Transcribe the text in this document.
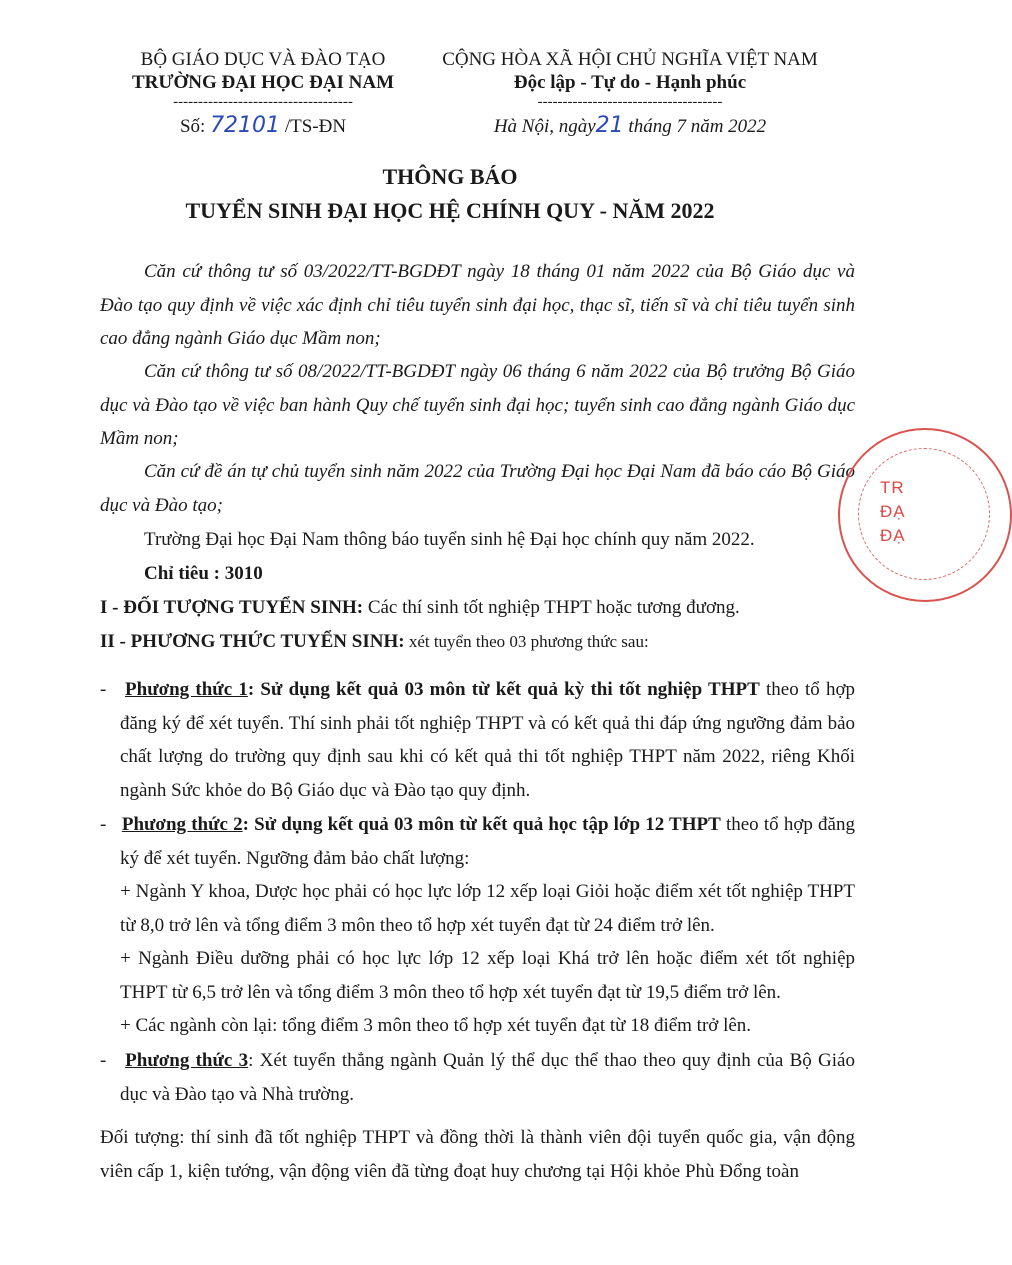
BỘ GIÁO DỤC VÀ ĐÀO TẠO
TRƯỜNG ĐẠI HỌC ĐẠI NAM
------------------------------------
Số: 72101 /TS-ĐN
CỘNG HÒA XÃ HỘI CHỦ NGHĨA VIỆT NAM
Độc lập - Tự do - Hạnh phúc
-------------------------------------
Hà Nội, ngày21 tháng 7 năm 2022
THÔNG BÁO
TUYỂN SINH ĐẠI HỌC HỆ CHÍNH QUY - NĂM 2022
Căn cứ thông tư số 03/2022/TT-BGDĐT ngày 18 tháng 01 năm 2022 của Bộ Giáo dục và Đào tạo quy định về việc xác định chỉ tiêu tuyển sinh đại học, thạc sĩ, tiến sĩ và chỉ tiêu tuyển sinh cao đẳng ngành Giáo dục Mầm non;
Căn cứ thông tư số 08/2022/TT-BGDĐT ngày 06 tháng 6 năm 2022 của Bộ trưởng Bộ Giáo dục và Đào tạo về việc ban hành Quy chế tuyển sinh đại học; tuyển sinh cao đẳng ngành Giáo dục Mầm non;
Căn cứ đề án tự chủ tuyển sinh năm 2022 của Trường Đại học Đại Nam đã báo cáo Bộ Giáo dục và Đào tạo;
Trường Đại học Đại Nam thông báo tuyển sinh hệ Đại học chính quy năm 2022.
Chỉ tiêu : 3010
I - ĐỐI TƯỢNG TUYỂN SINH: Các thí sinh tốt nghiệp THPT hoặc tương đương.
II - PHƯƠNG THỨC TUYỂN SINH: xét tuyển theo 03 phương thức sau:
-   Phương thức 1: Sử dụng kết quả 03 môn từ kết quả kỳ thi tốt nghiệp THPT theo tổ hợp đăng ký để xét tuyển. Thí sinh phải tốt nghiệp THPT và có kết quả thi đáp ứng ngưỡng đảm bảo chất lượng do trường quy định sau khi có kết quả thi tốt nghiệp THPT năm 2022, riêng Khối ngành Sức khỏe do Bộ Giáo dục và Đào tạo quy định.
-   Phương thức 2: Sử dụng kết quả 03 môn từ kết quả học tập lớp 12 THPT theo tổ hợp đăng ký để xét tuyển. Ngưỡng đảm bảo chất lượng:
+ Ngành Y khoa, Dược học phải có học lực lớp 12 xếp loại Giỏi hoặc điểm xét tốt nghiệp THPT từ 8,0 trở lên và tổng điểm 3 môn theo tổ hợp xét tuyển đạt từ 24 điểm trở lên.
+ Ngành Điều dưỡng phải có học lực lớp 12 xếp loại Khá trở lên hoặc điểm xét tốt nghiệp THPT từ 6,5 trở lên và tổng điểm 3 môn theo tổ hợp xét tuyển đạt từ 19,5 điểm trở lên.
+ Các ngành còn lại: tổng điểm 3 môn theo tổ hợp xét tuyển đạt từ 18 điểm trở lên.
-   Phương thức 3: Xét tuyển thẳng ngành Quản lý thể dục thể thao theo quy định của Bộ Giáo dục và Đào tạo và Nhà trường.
Đối tượng: thí sinh đã tốt nghiệp THPT và đồng thời là thành viên đội tuyển quốc gia, vận động viên cấp 1, kiện tướng, vận động viên đã từng đoạt huy chương tại Hội khỏe Phù Đổng toàn
TR
ĐẠ
ĐẠ
